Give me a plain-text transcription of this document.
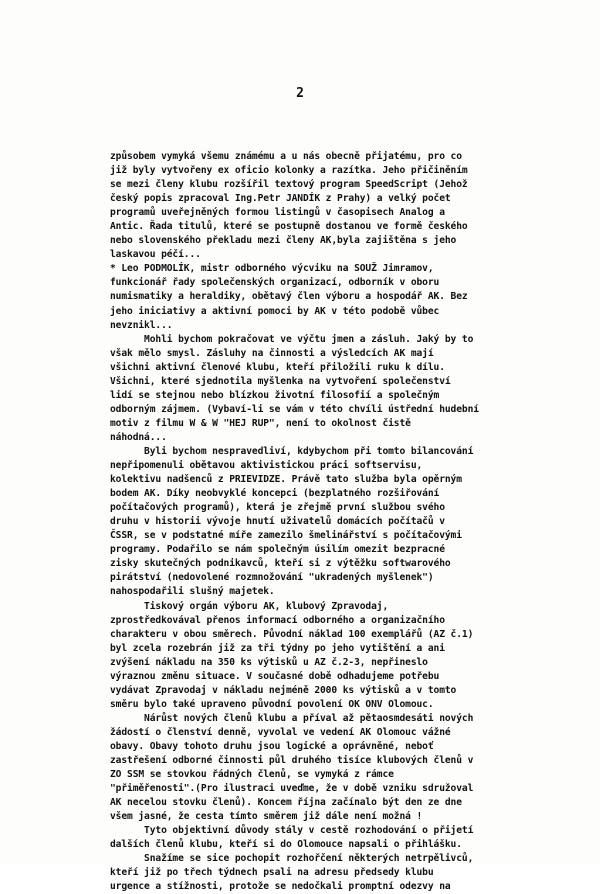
2
způsobem vymyká všemu známému a u nás obecně přijatému, pro co
již byly vytvořeny ex oficio kolonky a razítka. Jeho přičiněním
se mezi členy klubu rozšířil textový program SpeedScript (Jehož
český popis zpracoval Ing.Petr JANDÍK z Prahy) a velký počet
programů uveřejněných formou listingů v časopisech Analog a
Antic. Řada titulů, které se postupně dostanou ve formě českého
nebo slovenského překladu mezi členy AK,byla zajištěna s jeho
laskavou péčí...
* Leo PODMOLÍK, mistr odborného výcviku na SOUŽ Jimramov,
funkcionář řady společenských organizací, odborník v oboru
numismatiky a heraldiky, obětavý člen výboru a hospodář AK. Bez
jeho iniciativy a aktivní pomoci by AK v této podobě vůbec
nevznikl...
Mohli bychom pokračovat ve výčtu jmen a zásluh. Jaký by to
však mělo smysl. Zásluhy na činnosti a výsledcích AK mají
všichni aktivní členové klubu, kteří přiložili ruku k dílu.
Všichni, které sjednotila myšlenka na vytvoření společenství
lidí se stejnou nebo blízkou životní filosofií a společným
odborným zájmem. (Vybaví-li se vám v této chvíli ústřední hudební
motiv z filmu W & W "HEJ RUP", není to okolnost čistě
náhodná...
Byli bychom nespravedliví, kdybychom při tomto bilancování
nepřipomenuli obětavou aktivistickou práci softservisu,
kolektivu nadšenců z PRIEVIDZE. Právě tato služba byla opěrným
bodem AK. Díky neobvyklé koncepci (bezplatného rozšiřování
počítačových programů), která je zřejmě první službou svého
druhu v historii vývoje hnutí uživatelů domácích počítačů v
ČSSR, se v podstatné míře zamezilo šmelinářství s počítačovými
programy. Podařilo se nám společným úsilím omezit bezpracné
zisky skutečných podnikavců, kteří si z výtěžku softwarového
pirátství (nedovolené rozmnožování "ukradených myšlenek")
nahospodařili slušný majetek.
Tiskový orgán výboru AK, klubový Zpravodaj,
zprostředkovával přenos informací odborného a organizačního
charakteru v obou směrech. Původní náklad 100 exemplářů (AZ č.1)
byl zcela rozebrán již za tři týdny po jeho vytištění a ani
zvýšení nákladu na 350 ks výtisků u AZ č.2-3, nepřineslo
výraznou změnu situace. V současné době odhadujeme potřebu
vydávat Zpravodaj v nákladu nejméně 2000 ks výtisků a v tomto
směru bylo také upraveno původní povolení OK ONV Olomouc.
Nárůst nových členů klubu a příval až pětaosmdesáti nových
žádostí o členství denně, vyvolal ve vedení AK Olomouc vážné
obavy. Obavy tohoto druhu jsou logické a oprávněné, neboť
zastřešení odborné činnosti půl druhého tisíce klubových členů v
ZO SSM se stovkou řádných členů, se vymyká z rámce
"přiměřenosti".(Pro ilustraci uveďme, že v době vzniku sdružoval
AK necelou stovku členů). Koncem října začínalo být den ze dne
všem jasné, že cesta tímto směrem již dále není možná !
Tyto objektivní důvody stály v cestě rozhodování o přijetí
dalších členů klubu, kteří si do Olomouce napsali o přihlášku.
Snažíme se sice pochopit rozhořčení některých netrpělivců,
kteří již po třech týdnech psali na adresu předsedy klubu
urgence a stížnosti, protože se nedočkali promptní odezvy na
